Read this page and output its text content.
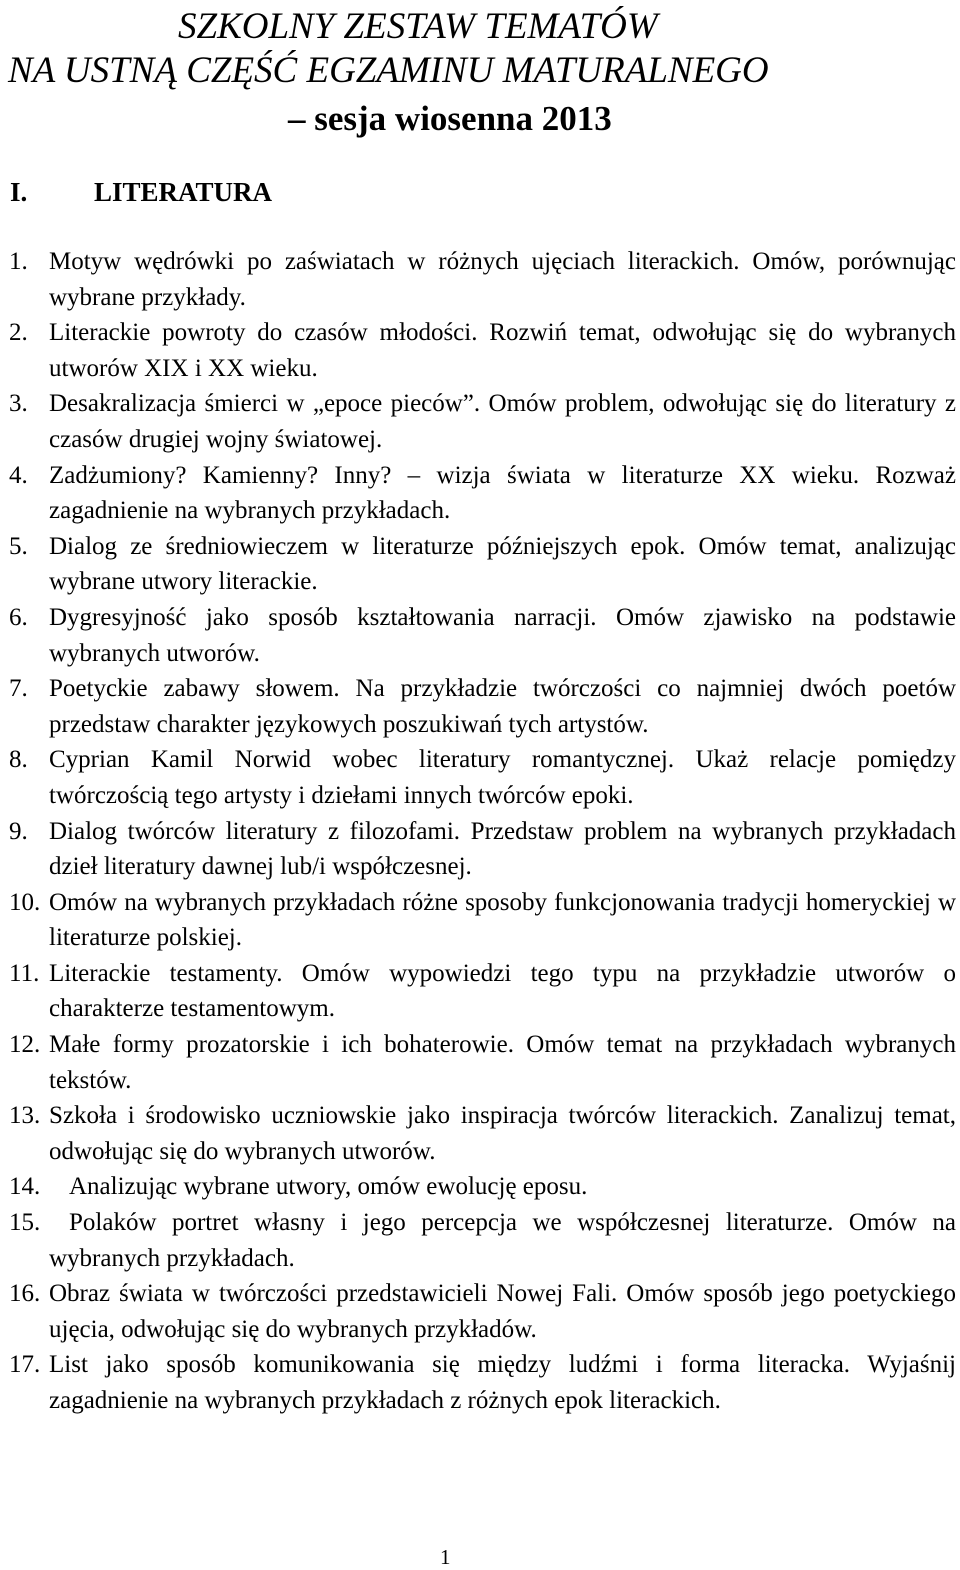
SZKOLNY ZESTAW TEMATÓW

NA USTNĄ CZĘŚĆ EGZAMINU MATURALNEGO

– sesja wiosenna 2013

I. LITERATURA

1. Motyw wędrówki po zaświatach w różnych ujęciach literackich. Omów, porównując wybrane przykłady.
2. Literackie powroty do czasów młodości. Rozwiń temat, odwołując się do wybranych utworów XIX i XX wieku.
3. Desakralizacja śmierci w „epoce pieców”. Omów problem, odwołując się do literatury z czasów drugiej wojny światowej.
4. Zadżumiony? Kamienny? Inny? – wizja świata w literaturze XX wieku. Rozważ zagadnienie na wybranych przykładach.
5. Dialog ze średniowieczem w literaturze późniejszych epok. Omów temat, analizując wybrane utwory literackie.
6. Dygresyjność jako sposób kształtowania narracji. Omów zjawisko na podstawie wybranych utworów.
7. Poetyckie zabawy słowem. Na przykładzie twórczości co najmniej dwóch poetów przedstaw charakter językowych poszukiwań tych artystów.
8. Cyprian Kamil Norwid wobec literatury romantycznej. Ukaż relacje pomiędzy twórczością tego artysty i dziełami innych twórców epoki.
9. Dialog twórców literatury z filozofami. Przedstaw problem na wybranych przykładach dzieł literatury dawnej lub/i współczesnej.
10. Omów na wybranych przykładach różne sposoby funkcjonowania tradycji homeryckiej w literaturze polskiej.
11. Literackie testamenty. Omów wypowiedzi tego typu na przykładzie utworów o charakterze testamentowym.
12. Małe formy prozatorskie i ich bohaterowie. Omów temat na przykładach wybranych tekstów.
13. Szkoła i środowisko uczniowskie jako inspiracja twórców literackich. Zanalizuj temat, odwołując się do wybranych utworów.
14.	Analizując wybrane utwory, omów ewolucję eposu.
15.	Polaków portret własny i jego percepcja we współczesnej literaturze. Omów na wybranych przykładach.
16. Obraz świata w twórczości przedstawicieli Nowej Fali. Omów sposób jego poetyckiego ujęcia, odwołując się do wybranych przykładów.
17. List jako sposób komunikowania się między ludźmi i forma literacka. Wyjaśnij zagadnienie na wybranych przykładach z różnych epok literackich.
1
